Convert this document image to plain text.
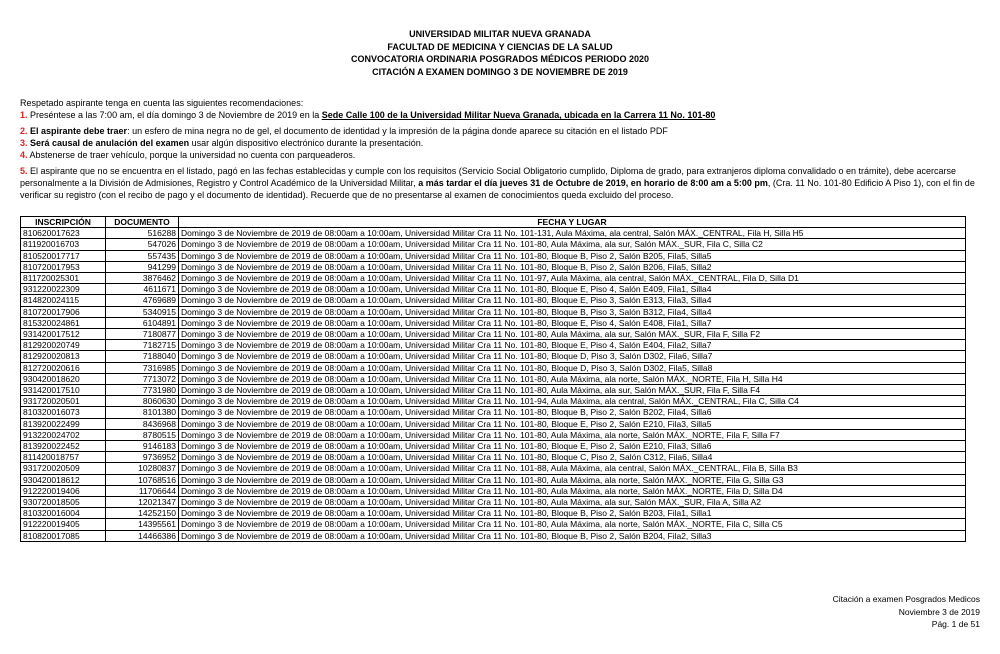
UNIVERSIDAD MILITAR NUEVA GRANADA
FACULTAD DE MEDICINA Y CIENCIAS DE LA SALUD
CONVOCATORIA ORDINARIA POSGRADOS MÉDICOS PERIODO 2020
CITACIÓN A EXAMEN DOMINGO 3 DE NOVIEMBRE DE 2019

Respetado aspirante tenga en cuenta las siguientes recomendaciones:

1. Preséntese a las 7:00 am, el día domingo 3 de Noviembre de 2019 en la Sede Calle 100 de la Universidad Militar Nueva Granada, ubicada en la Carrera 11 No. 101-80

2. El aspirante debe traer: un esfero de mina negra no de gel, el documento de identidad y la impresión de la página donde aparece su citación en el listado PDF

3. Será causal de anulación del examen usar algún dispositivo electrónico durante la presentación.

4. Abstenerse de traer vehículo, porque la universidad no cuenta con parqueaderos.

5. El aspirante que no se encuentra en el listado, pagó en las fechas establecidas y cumple con los requisitos (Servicio Social Obligatorio cumplido, Diploma de grado, para extranjeros diploma convalidado o en trámite), debe acercarse personalmente a la División de Admisiones, Registro y Control Académico de la Universidad Militar, a más tardar el día jueves 31 de Octubre de 2019, en horario de 8:00 am a 5:00 pm, (Cra. 11 No. 101-80 Edificio A Piso 1), con el fin de verificar su registro (con el recibo de pago y el documento de identidad). Recuerde que de no presentarse al examen de conocimientos queda excluido del proceso.

INSCRIPCIÓN	DOCUMENTO	FECHA Y LUGAR
810620017623	516288	Domingo 3 de Noviembre de 2019 de 08:00am a 10:00am, Universidad Militar Cra 11 No. 101-131, Aula Máxima, ala central, Salón MÁX._CENTRAL, Fila H, Silla H5
811920016703	547026	Domingo 3 de Noviembre de 2019 de 08:00am a 10:00am, Universidad Militar Cra 11 No. 101-80, Aula Máxima, ala sur, Salón MÁX._SUR, Fila C, Silla C2
810520017717	557435	Domingo 3 de Noviembre de 2019 de 08:00am a 10:00am, Universidad Militar Cra 11 No. 101-80, Bloque B, Piso 2, Salón B205, Fila5, Silla5
810720017953	941299	Domingo 3 de Noviembre de 2019 de 08:00am a 10:00am, Universidad Militar Cra 11 No. 101-80, Bloque B, Piso 2, Salón B206, Fila5, Silla2
811720025301	3876462	Domingo 3 de Noviembre de 2019 de 08:00am a 10:00am, Universidad Militar Cra 11 No. 101-97, Aula Máxima, ala central, Salón MÁX._CENTRAL, Fila D, Silla D1
931220022309	4611671	Domingo 3 de Noviembre de 2019 de 08:00am a 10:00am, Universidad Militar Cra 11 No. 101-80, Bloque E, Piso 4, Salón E409, Fila1, Silla4
814820024115	4769689	Domingo 3 de Noviembre de 2019 de 08:00am a 10:00am, Universidad Militar Cra 11 No. 101-80, Bloque E, Piso 3, Salón E313, Fila3, Silla4
810720017906	5340915	Domingo 3 de Noviembre de 2019 de 08:00am a 10:00am, Universidad Militar Cra 11 No. 101-80, Bloque B, Piso 3, Salón B312, Fila4, Silla4
815320024861	6104891	Domingo 3 de Noviembre de 2019 de 08:00am a 10:00am, Universidad Militar Cra 11 No. 101-80, Bloque E, Piso 4, Salón E408, Fila1, Silla7
931420017512	7180877	Domingo 3 de Noviembre de 2019 de 08:00am a 10:00am, Universidad Militar Cra 11 No. 101-80, Aula Máxima, ala sur, Salón MÁX._SUR, Fila F, Silla F2
812920020749	7182715	Domingo 3 de Noviembre de 2019 de 08:00am a 10:00am, Universidad Militar Cra 11 No. 101-80, Bloque E, Piso 4, Salón E404, Fila2, Silla7
812920020813	7188040	Domingo 3 de Noviembre de 2019 de 08:00am a 10:00am, Universidad Militar Cra 11 No. 101-80, Bloque D, Piso 3, Salón D302, Fila6, Silla7
812720020616	7316985	Domingo 3 de Noviembre de 2019 de 08:00am a 10:00am, Universidad Militar Cra 11 No. 101-80, Bloque D, Piso 3, Salón D302, Fila5, Silla8
930420018620	7713072	Domingo 3 de Noviembre de 2019 de 08:00am a 10:00am, Universidad Militar Cra 11 No. 101-80, Aula Máxima, ala norte, Salón MÁX._NORTE, Fila H, Silla H4
931420017510	7731980	Domingo 3 de Noviembre de 2019 de 08:00am a 10:00am, Universidad Militar Cra 11 No. 101-80, Aula Máxima, ala sur, Salón MÁX._SUR, Fila F, Silla F4
931720020501	8060630	Domingo 3 de Noviembre de 2019 de 08:00am a 10:00am, Universidad Militar Cra 11 No. 101-94, Aula Máxima, ala central, Salón MÁX._CENTRAL, Fila C, Silla C4
810320016073	8101380	Domingo 3 de Noviembre de 2019 de 08:00am a 10:00am, Universidad Militar Cra 11 No. 101-80, Bloque B, Piso 2, Salón B202, Fila4, Silla6
813920022499	8436968	Domingo 3 de Noviembre de 2019 de 08:00am a 10:00am, Universidad Militar Cra 11 No. 101-80, Bloque E, Piso 2, Salón E210, Fila3, Silla5
913220024702	8780515	Domingo 3 de Noviembre de 2019 de 08:00am a 10:00am, Universidad Militar Cra 11 No. 101-80, Aula Máxima, ala norte, Salón MÁX._NORTE, Fila F, Silla F7
813920022452	9146183	Domingo 3 de Noviembre de 2019 de 08:00am a 10:00am, Universidad Militar Cra 11 No. 101-80, Bloque E, Piso 2, Salón E210, Fila3, Silla6
811420018757	9736952	Domingo 3 de Noviembre de 2019 de 08:00am a 10:00am, Universidad Militar Cra 11 No. 101-80, Bloque C, Piso 2, Salón C312, Fila6, Silla4
931720020509	10280837	Domingo 3 de Noviembre de 2019 de 08:00am a 10:00am, Universidad Militar Cra 11 No. 101-88, Aula Máxima, ala central, Salón MÁX._CENTRAL, Fila B, Silla B3
930420018612	10768516	Domingo 3 de Noviembre de 2019 de 08:00am a 10:00am, Universidad Militar Cra 11 No. 101-80, Aula Máxima, ala norte, Salón MÁX._NORTE, Fila G, Silla G3
912220019406	11706644	Domingo 3 de Noviembre de 2019 de 08:00am a 10:00am, Universidad Militar Cra 11 No. 101-80, Aula Máxima, ala norte, Salón MÁX._NORTE, Fila D, Silla D4
930720018505	12021347	Domingo 3 de Noviembre de 2019 de 08:00am a 10:00am, Universidad Militar Cra 11 No. 101-80, Aula Máxima, ala sur, Salón MÁX._SUR, Fila A, Silla A2
810320016004	14252150	Domingo 3 de Noviembre de 2019 de 08:00am a 10:00am, Universidad Militar Cra 11 No. 101-80, Bloque B, Piso 2, Salón B203, Fila1, Silla1
912220019405	14395561	Domingo 3 de Noviembre de 2019 de 08:00am a 10:00am, Universidad Militar Cra 11 No. 101-80, Aula Máxima, ala norte, Salón MÁX._NORTE, Fila C, Silla C5
810820017085	14466386	Domingo 3 de Noviembre de 2019 de 08:00am a 10:00am, Universidad Militar Cra 11 No. 101-80, Bloque B, Piso 2, Salón B204, Fila2, Silla3
Citación a examen Posgrados Medicos
Noviembre 3 de 2019
Pág. 1 de 51
